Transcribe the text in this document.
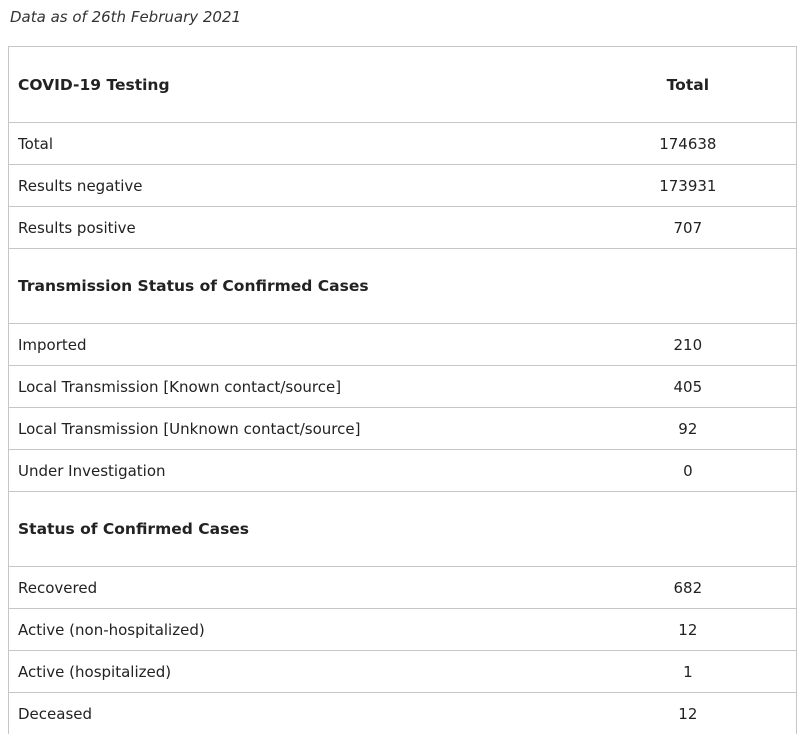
Data as of 26th February 2021
COVID-19 Testing	Total
Total	174638
Results negative	173931
Results positive	707
Transmission Status of Confirmed Cases	
Imported	210
Local Transmission [Known contact/source]	405
Local Transmission [Unknown contact/source]	92
Under Investigation	0
Status of Confirmed Cases	
Recovered	682
Active (non-hospitalized)	12
Active (hospitalized)	1
Deceased	12
